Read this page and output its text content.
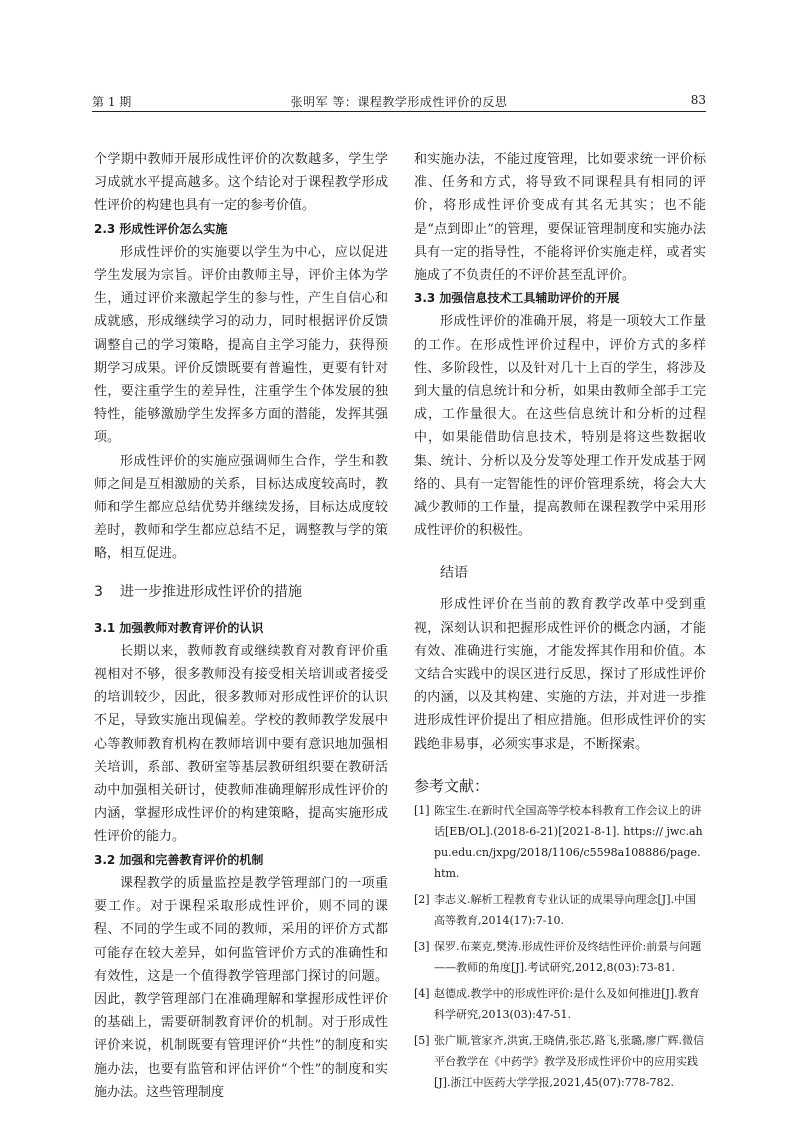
第 1 期	张明军 等：课程教学形成性评价的反思	83

个学期中教师开展形成性评价的次数越多，学生学习成就水平提高越多。这个结论对于课程教学形成性评价的构建也具有一定的参考价值。

2.3 形成性评价怎么实施

形成性评价的实施要以学生为中心，应以促进学生发展为宗旨。评价由教师主导，评价主体为学生，通过评价来激起学生的参与性，产生自信心和成就感，形成继续学习的动力，同时根据评价反馈调整自己的学习策略，提高自主学习能力，获得预期学习成果。评价反馈既要有普遍性，更要有针对性，要注重学生的差异性，注重学生个体发展的独特性，能够激励学生发挥多方面的潜能，发挥其强项。

形成性评价的实施应强调师生合作，学生和教师之间是互相激励的关系，目标达成度较高时，教师和学生都应总结优势并继续发扬，目标达成度较差时，教师和学生都应总结不足，调整教与学的策略，相互促进。

3 进一步推进形成性评价的措施
3.1 加强教师对教育评价的认识

长期以来，教师教育或继续教育对教育评价重视相对不够，很多教师没有接受相关培训或者接受的培训较少，因此，很多教师对形成性评价的认识不足，导致实施出现偏差。学校的教师教学发展中心等教师教育机构在教师培训中要有意识地加强相关培训，系部、教研室等基层教研组织要在教研活动中加强相关研讨，使教师准确理解形成性评价的内涵，掌握形成性评价的构建策略，提高实施形成性评价的能力。

3.2 加强和完善教育评价的机制

课程教学的质量监控是教学管理部门的一项重要工作。对于课程采取形成性评价，则不同的课程、不同的学生或不同的教师，采用的评价方式都可能存在较大差异，如何监管评价方式的准确性和有效性，这是一个值得教学管理部门探讨的问题。因此，教学管理部门在准确理解和掌握形成性评价的基础上，需要研制教育评价的机制。对于形成性评价来说，机制既要有管理评价“共性”的制度和实施办法，也要有监管和评估评价“个性”的制度和实施办法。这些管理制度

和实施办法，不能过度管理，比如要求统一评价标准、任务和方式，将导致不同课程具有相同的评价，将形成性评价变成有其名无其实；也不能是“点到即止”的管理，要保证管理制度和实施办法具有一定的指导性，不能将评价实施走样，或者实施成了不负责任的不评价甚至乱评价。

3.3 加强信息技术工具辅助评价的开展

形成性评价的准确开展，将是一项较大工作量的工作。在形成性评价过程中，评价方式的多样性、多阶段性，以及针对几十上百的学生，将涉及到大量的信息统计和分析，如果由教师全部手工完成，工作量很大。在这些信息统计和分析的过程中，如果能借助信息技术，特别是将这些数据收集、统计、分析以及分发等处理工作开发成基于网络的、具有一定智能性的评价管理系统，将会大大减少教师的工作量，提高教师在课程教学中采用形成性评价的积极性。

结语

形成性评价在当前的教育教学改革中受到重视，深刻认识和把握形成性评价的概念内涵，才能有效、准确进行实施，才能发挥其作用和价值。本文结合实践中的误区进行反思，探讨了形成性评价的内涵，以及其构建、实施的方法，并对进一步推进形成性评价提出了相应措施。但形成性评价的实践绝非易事，必须实事求是，不断探索。

参考文献：
[1] 陈宝生.在新时代全国高等学校本科教育工作会议上的讲话[EB/OL].(2018-6-21)[2021-8-1]. https:// jwc.ahpu.edu.cn/jxpg/2018/1106/c5598a108886/page.htm.
[2] 李志义.解析工程教育专业认证的成果导向理念[J].中国高等教育,2014(17):7-10.
[3] 保罗.布莱克,樊涛.形成性评价及终结性评价:前景与问题——教师的角度[J].考试研究,2012,8(03):73-81.
[4] 赵德成.教学中的形成性评价:是什么及如何推进[J].教育科学研究,2013(03):47-51.
[5] 张广顺,管家齐,洪寅,王晓倩,张芯,路飞,张璐,廖广辉.微信平台教学在《中药学》教学及形成性评价中的应用实践[J].浙江中医药大学学报,2021,45(07):778-782.
